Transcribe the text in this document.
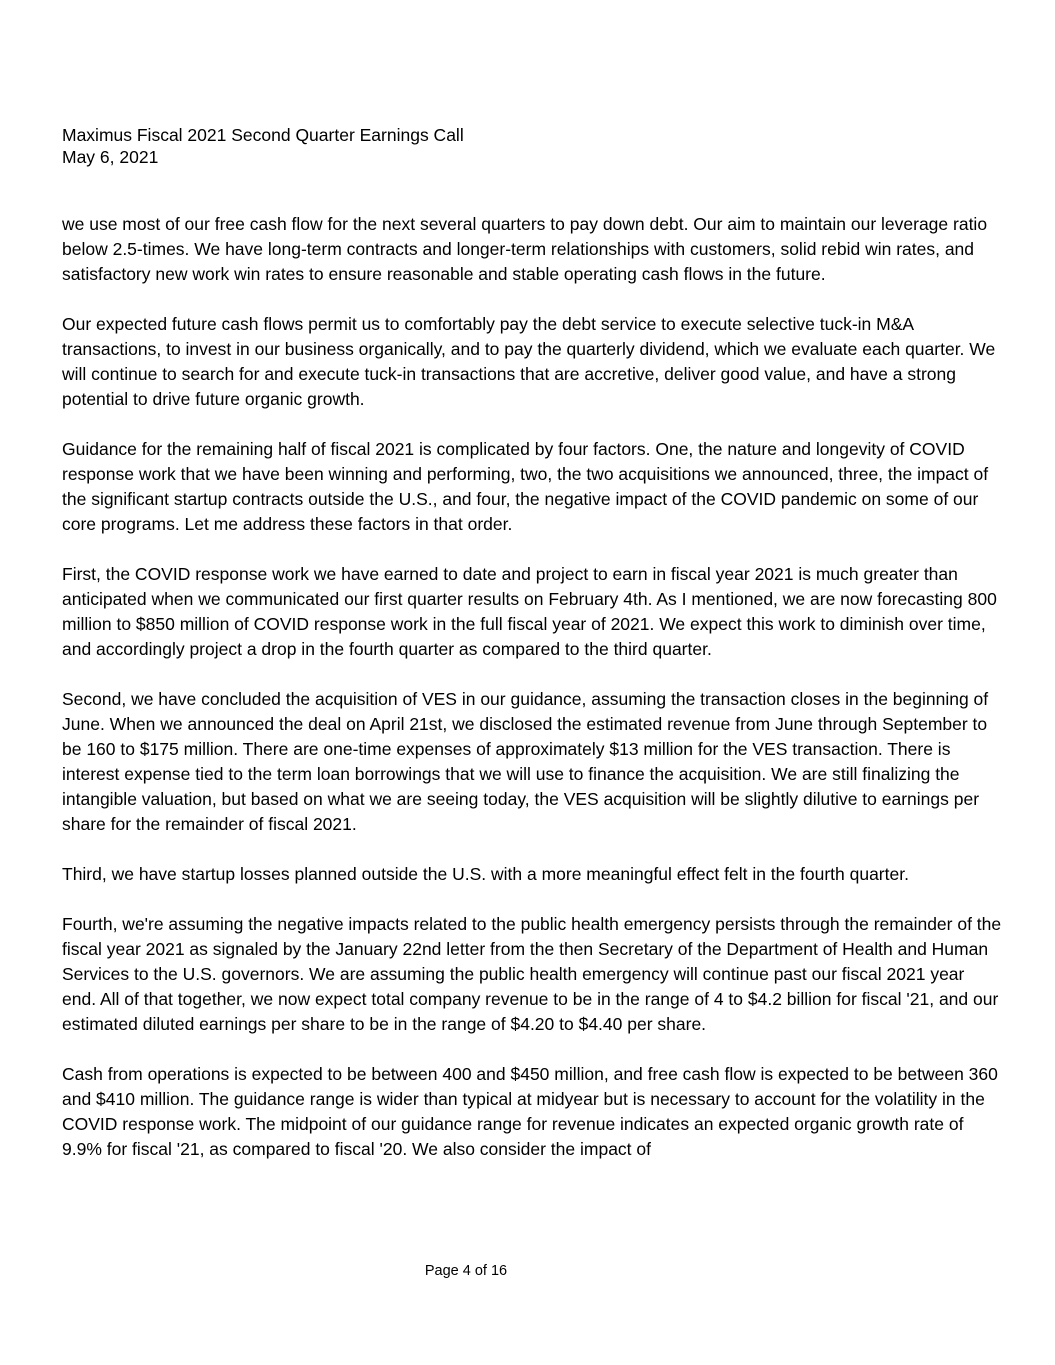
Maximus Fiscal 2021 Second Quarter Earnings Call
May 6, 2021

we use most of our free cash flow for the next several quarters to pay down debt. Our aim to maintain our leverage ratio below 2.5-times. We have long-term contracts and longer-term relationships with customers, solid rebid win rates, and satisfactory new work win rates to ensure reasonable and stable operating cash flows in the future.

Our expected future cash flows permit us to comfortably pay the debt service to execute selective tuck-in M&A transactions, to invest in our business organically, and to pay the quarterly dividend, which we evaluate each quarter. We will continue to search for and execute tuck-in transactions that are accretive, deliver good value, and have a strong potential to drive future organic growth.

Guidance for the remaining half of fiscal 2021 is complicated by four factors. One, the nature and longevity of COVID response work that we have been winning and performing, two, the two acquisitions we announced, three, the impact of the significant startup contracts outside the U.S., and four, the negative impact of the COVID pandemic on some of our core programs. Let me address these factors in that order.

First, the COVID response work we have earned to date and project to earn in fiscal year 2021 is much greater than anticipated when we communicated our first quarter results on February 4th. As I mentioned, we are now forecasting 800 million to $850 million of COVID response work in the full fiscal year of 2021. We expect this work to diminish over time, and accordingly project a drop in the fourth quarter as compared to the third quarter.

Second, we have concluded the acquisition of VES in our guidance, assuming the transaction closes in the beginning of June. When we announced the deal on April 21st, we disclosed the estimated revenue from June through September to be 160 to $175 million. There are one-time expenses of approximately $13 million for the VES transaction. There is interest expense tied to the term loan borrowings that we will use to finance the acquisition. We are still finalizing the intangible valuation, but based on what we are seeing today, the VES acquisition will be slightly dilutive to earnings per share for the remainder of fiscal 2021.

Third, we have startup losses planned outside the U.S. with a more meaningful effect felt in the fourth quarter.

Fourth, we're assuming the negative impacts related to the public health emergency persists through the remainder of the fiscal year 2021 as signaled by the January 22nd letter from the then Secretary of the Department of Health and Human Services to the U.S. governors. We are assuming the public health emergency will continue past our fiscal 2021 year end. All of that together, we now expect total company revenue to be in the range of 4 to $4.2 billion for fiscal '21, and our estimated diluted earnings per share to be in the range of $4.20 to $4.40 per share.

Cash from operations is expected to be between 400 and $450 million, and free cash flow is expected to be between 360 and $410 million. The guidance range is wider than typical at midyear but is necessary to account for the volatility in the COVID response work. The midpoint of our guidance range for revenue indicates an expected organic growth rate of 9.9% for fiscal '21, as compared to fiscal '20. We also consider the impact of

Page 4 of 16
